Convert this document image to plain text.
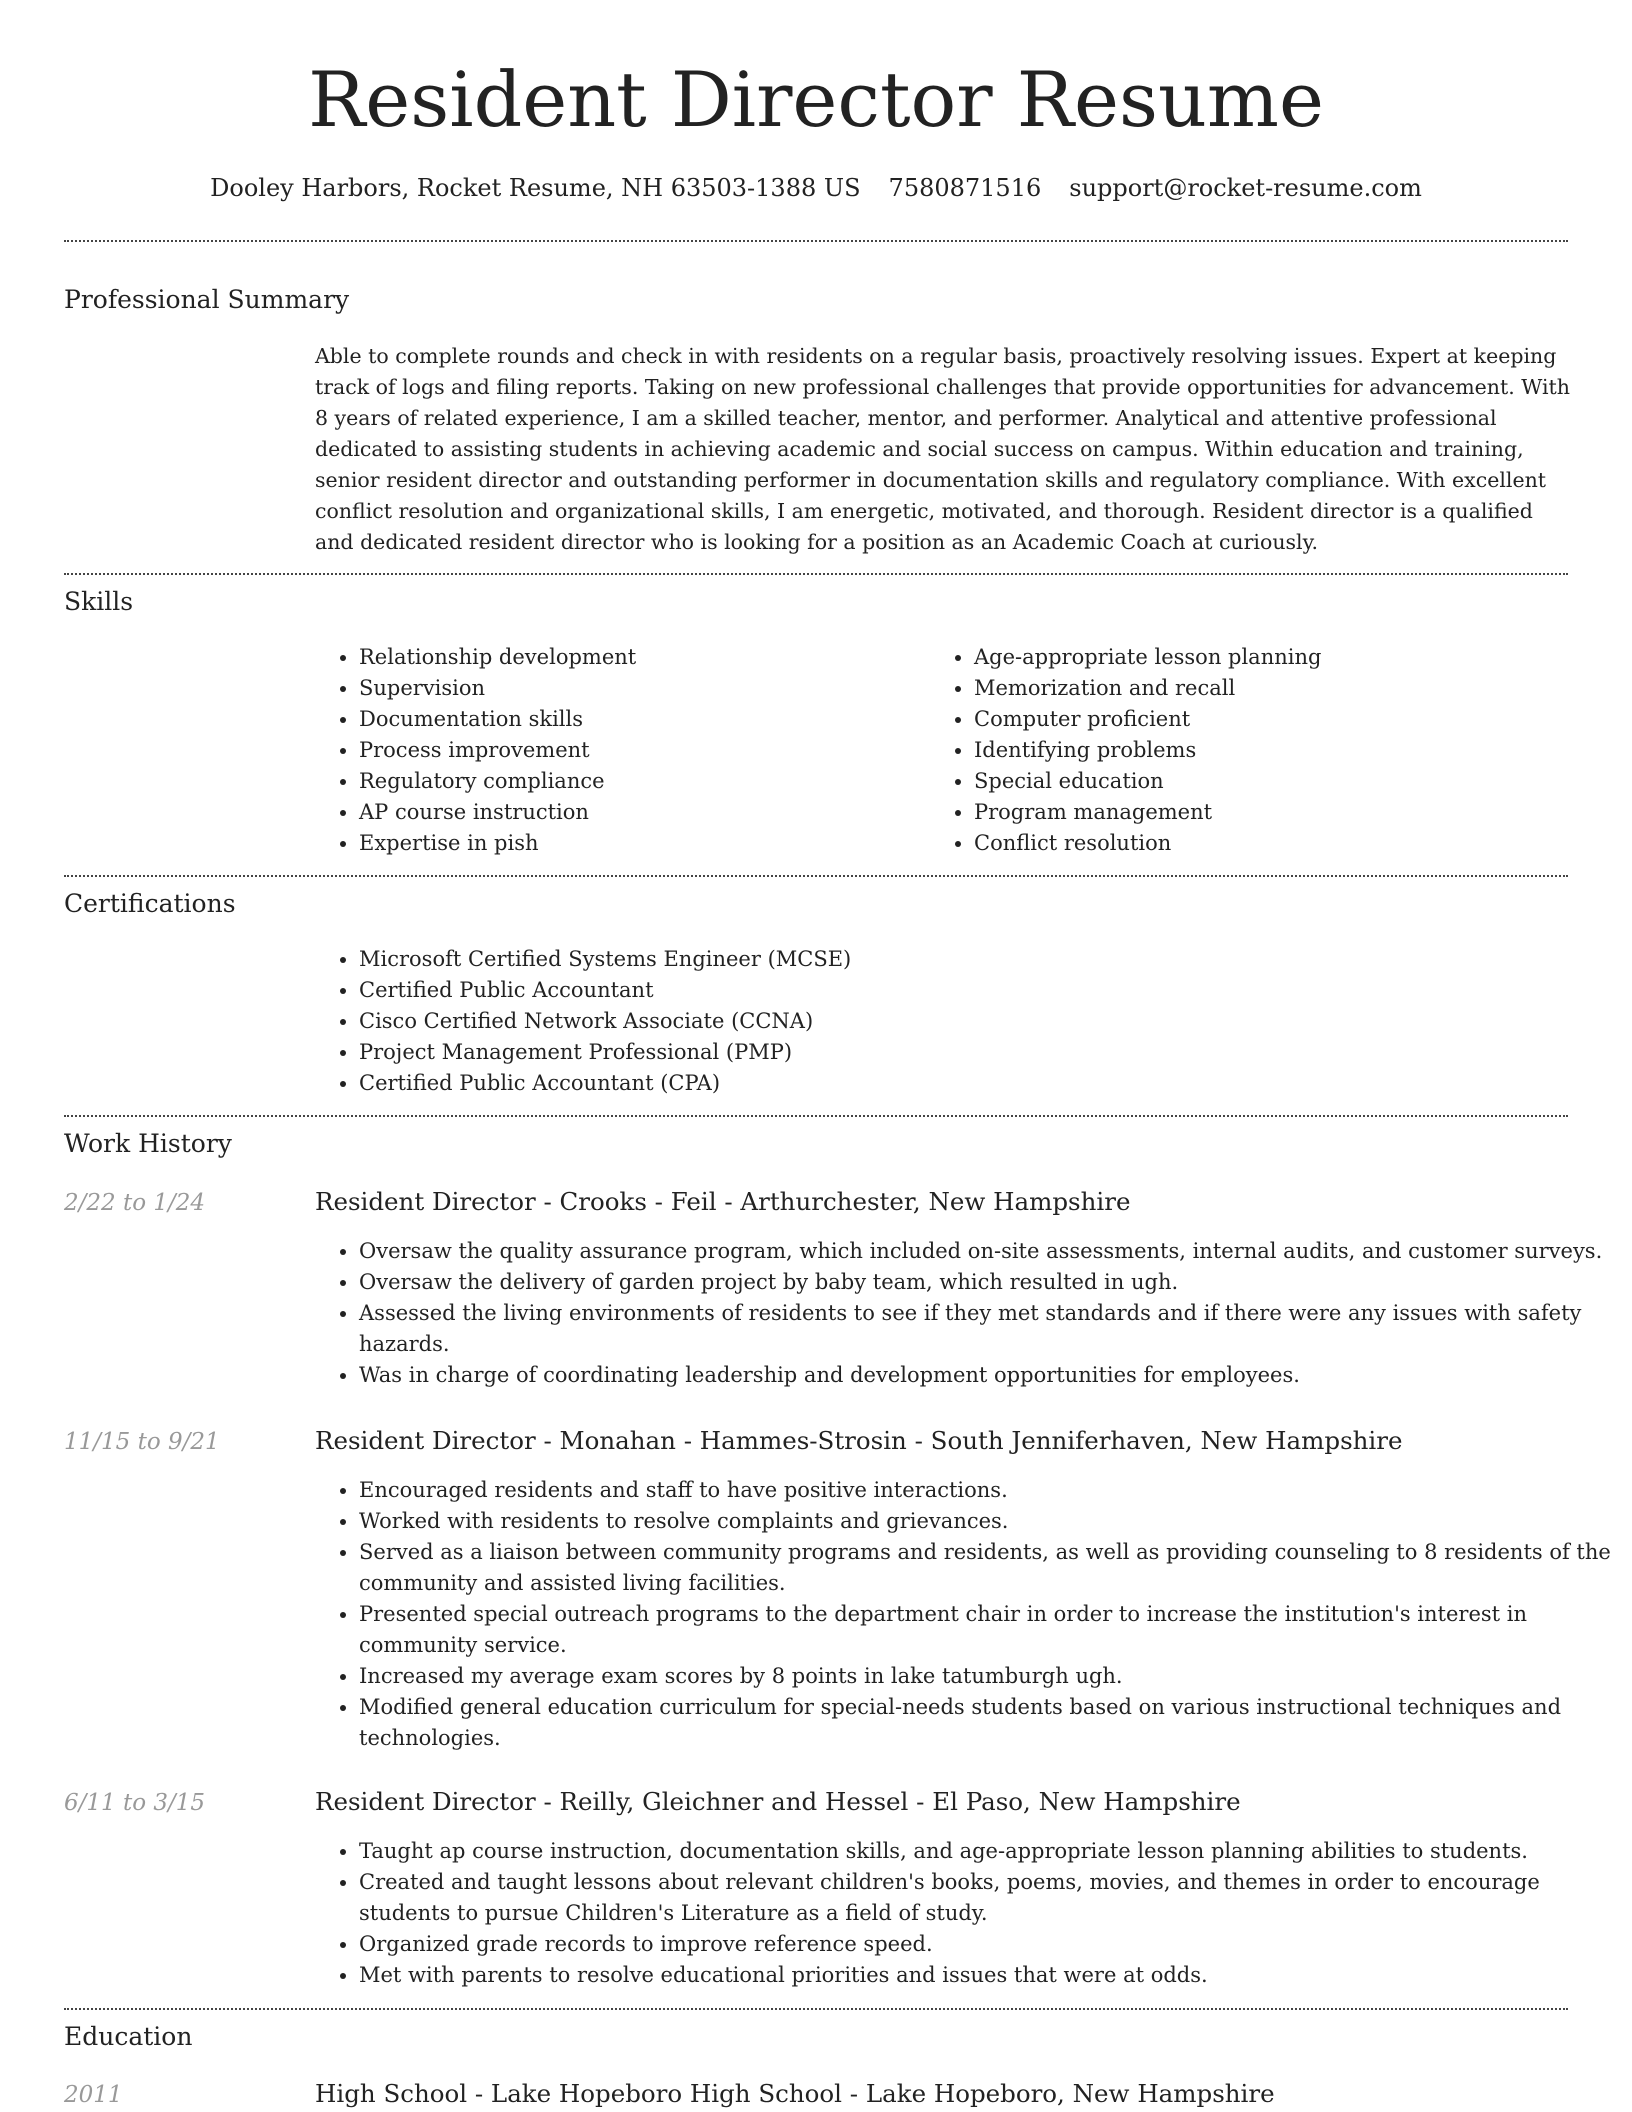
Resident Director Resume
Dooley Harbors, Rocket Resume, NH 63503-1388 US 7580871516 support@rocket-resume.com
Professional Summary

Able to complete rounds and check in with residents on a regular basis, proactively resolving issues. Expert at keeping track of logs and filing reports. Taking on new professional challenges that provide opportunities for advancement. With 8 years of related experience, I am a skilled teacher, mentor, and performer. Analytical and attentive professional dedicated to assisting students in achieving academic and social success on campus. Within education and training, senior resident director and outstanding performer in documentation skills and regulatory compliance. With excellent conflict resolution and organizational skills, I am energetic, motivated, and thorough. Resident director is a qualified and dedicated resident director who is looking for a position as an Academic Coach at curiously.

Skills
• Relationship development
• Supervision
• Documentation skills
• Process improvement
• Regulatory compliance
• AP course instruction
• Expertise in pish
• Age-appropriate lesson planning
• Memorization and recall
• Computer proficient
• Identifying problems
• Special education
• Program management
• Conflict resolution
Certifications
• Microsoft Certified Systems Engineer (MCSE)
• Certified Public Accountant
• Cisco Certified Network Associate (CCNA)
• Project Management Professional (PMP)
• Certified Public Accountant (CPA)
Work History
2/22 to 1/24	Resident Director - Crooks - Feil - Arthurchester, New Hampshire
• Oversaw the quality assurance program, which included on-site assessments, internal audits, and customer surveys.
• Oversaw the delivery of garden project by baby team, which resulted in ugh.
• Assessed the living environments of residents to see if they met standards and if there were any issues with safety hazards.
• Was in charge of coordinating leadership and development opportunities for employees.
11/15 to 9/21	Resident Director - Monahan - Hammes-Strosin - South Jenniferhaven, New Hampshire
• Encouraged residents and staff to have positive interactions.
• Worked with residents to resolve complaints and grievances.
• Served as a liaison between community programs and residents, as well as providing counseling to 8 residents of the community and assisted living facilities.
• Presented special outreach programs to the department chair in order to increase the institution's interest in community service.
• Increased my average exam scores by 8 points in lake tatumburgh ugh.
• Modified general education curriculum for special-needs students based on various instructional techniques and technologies.
6/11 to 3/15	Resident Director - Reilly, Gleichner and Hessel - El Paso, New Hampshire
• Taught ap course instruction, documentation skills, and age-appropriate lesson planning abilities to students.
• Created and taught lessons about relevant children's books, poems, movies, and themes in order to encourage students to pursue Children's Literature as a field of study.
• Organized grade records to improve reference speed.
• Met with parents to resolve educational priorities and issues that were at odds.
Education
2011	High School - Lake Hopeboro High School - Lake Hopeboro, New Hampshire
